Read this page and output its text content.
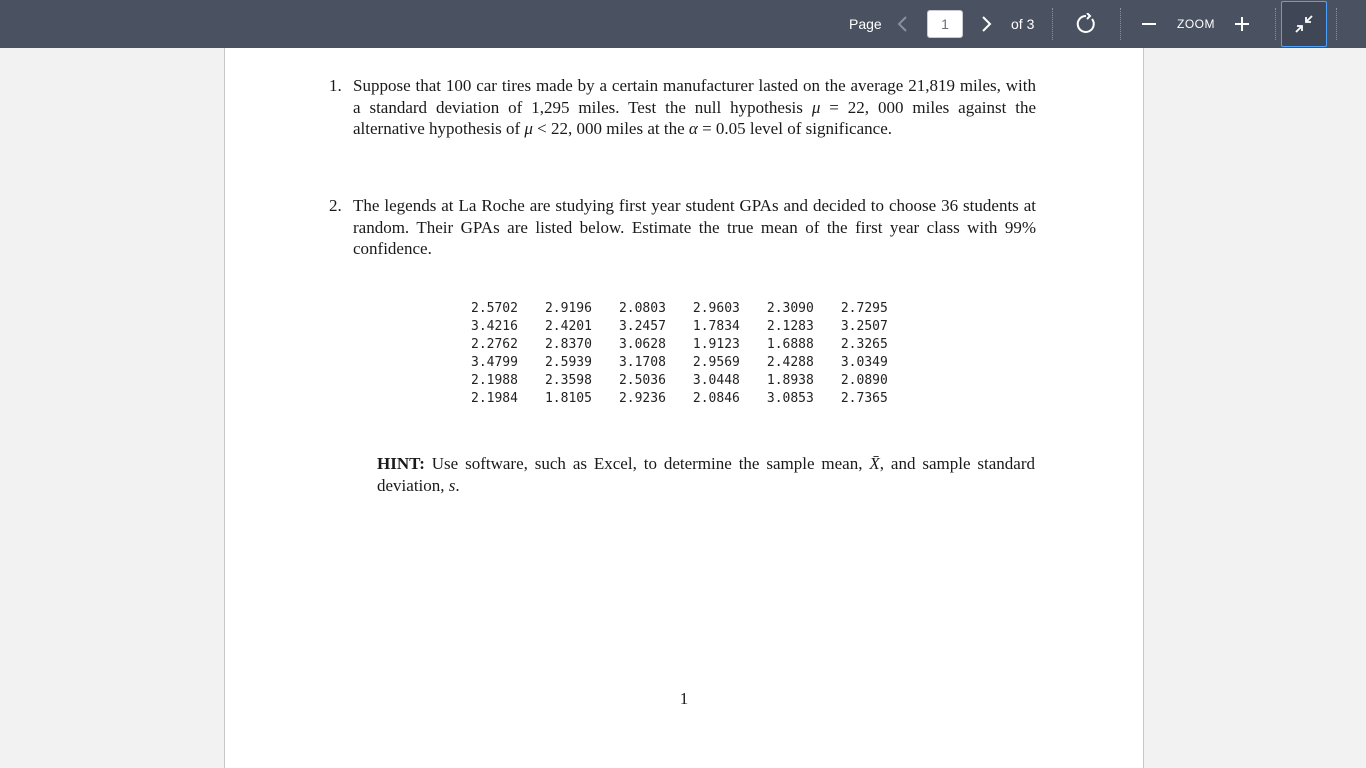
Page	1	of 3	ZOOM
1. Suppose that 100 car tires made by a certain manufacturer lasted on the average 21,819 miles, with a standard deviation of 1,295 miles. Test the null hypothesis μ = 22, 000 miles against the alternative hypothesis of μ < 22, 000 miles at the α = 0.05 level of significance.

2. The legends at La Roche are studying first year student GPAs and decided to choose 36 students at random. Their GPAs are listed below. Estimate the true mean of the first year class with 99% confidence.

2.5702	2.9196	2.0803	2.9603	2.3090	2.7295
3.4216	2.4201	3.2457	1.7834	2.1283	3.2507
2.2762	2.8370	3.0628	1.9123	1.6888	2.3265
3.4799	2.5939	3.1708	2.9569	2.4288	3.0349
2.1988	2.3598	2.5036	3.0448	1.8938	2.0890
2.1984	1.8105	2.9236	2.0846	3.0853	2.7365
HINT: Use software, such as Excel, to determine the sample mean, X̄, and sample standard deviation, s.
1
